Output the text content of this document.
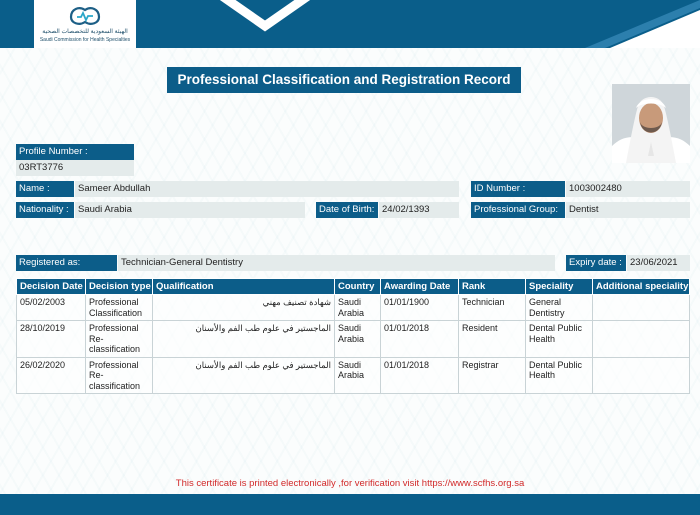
الهيئة السعودية للتخصصات الصحية
Saudi Commission for Health Specialties
Professional Classification and Registration Record
Profile Number :
03RT3776
Name :	Sameer Abdullah	ID Number :	1003002480
Nationality : Saudi Arabia	Date of Birth: 24/02/1393	Professional Group:	Dentist
Registered as:	Technician-General Dentistry	Expiry date : 23/06/2021
Decision Date	Decision type	Qualification	Country	Awarding Date	Rank	Speciality	Additional speciality
05/02/2003	Professional Classification	شهادة تصنيف مهني	Saudi Arabia	01/01/1900	Technician	General Dentistry	
28/10/2019	Professional Re-classification	الماجستير في علوم طب الفم والأسنان	Saudi Arabia	01/01/2018	Resident	Dental Public Health	
26/02/2020	Professional Re-classification	الماجستير في علوم طب الفم والأسنان	Saudi Arabia	01/01/2018	Registrar	Dental Public Health	
This certificate is printed electronically ,for verification visit https://www.scfhs.org.sa
